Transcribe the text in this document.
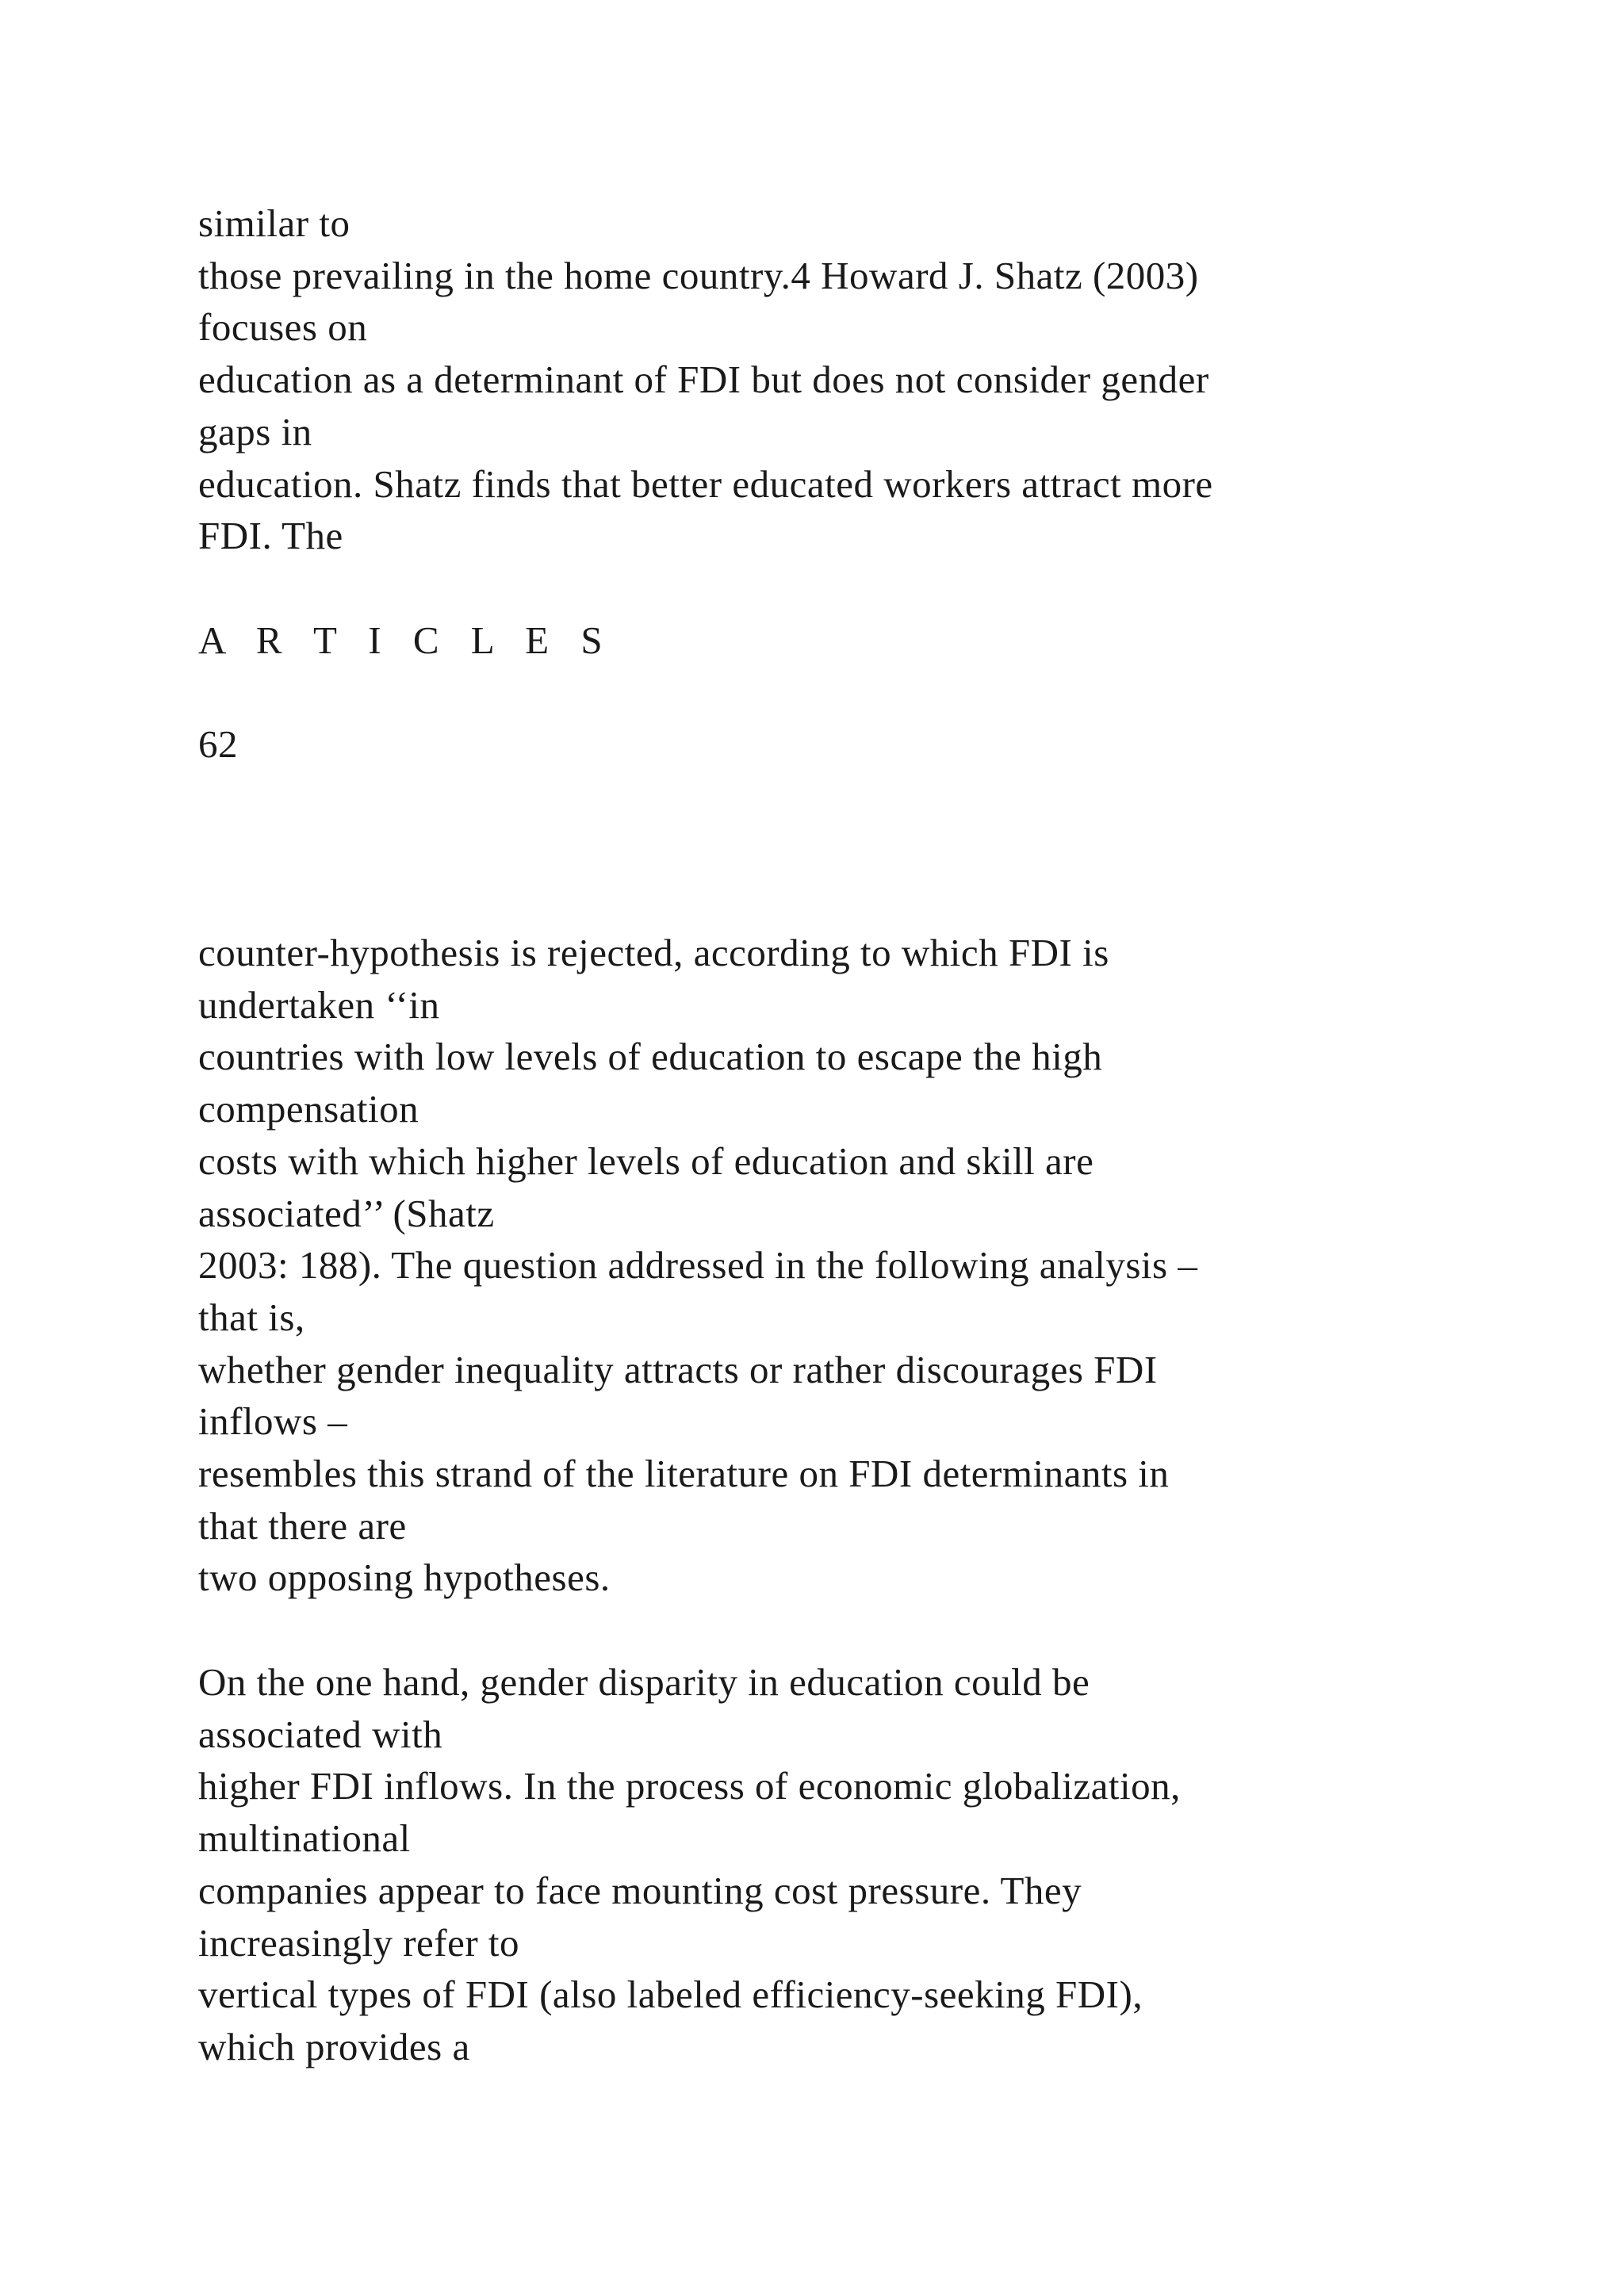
similar to
those prevailing in the home country.4 Howard J. Shatz (2003)
focuses on
education as a determinant of FDI but does not consider gender
gaps in
education. Shatz finds that better educated workers attract more
FDI. The
A R T I C L E S
62
counter-hypothesis is rejected, according to which FDI is
undertaken ‘‘in
countries with low levels of education to escape the high
compensation
costs with which higher levels of education and skill are
associated’’ (Shatz
2003: 188). The question addressed in the following analysis –
that is,
whether gender inequality attracts or rather discourages FDI
inflows –
resembles this strand of the literature on FDI determinants in
that there are
two opposing hypotheses.
On the one hand, gender disparity in education could be
associated with
higher FDI inflows. In the process of economic globalization,
multinational
companies appear to face mounting cost pressure. They
increasingly refer to
vertical types of FDI (also labeled efficiency-seeking FDI),
which provides a
